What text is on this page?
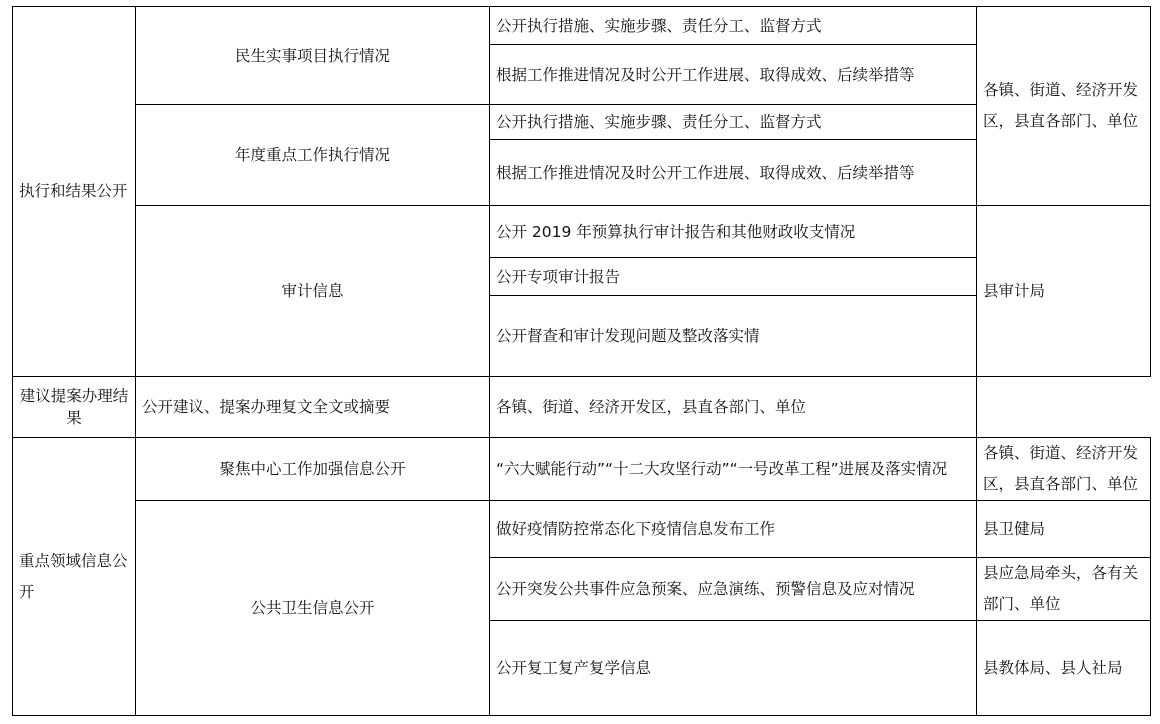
执行和结果公开	民生实事项目执行情况	公开执行措施、实施步骤、责任分工、监督方式	各镇、街道、经济开发区，县直各部门、单位
		根据工作推进情况及时公开工作进展、取得成效、后续举措等	
	年度重点工作执行情况	公开执行措施、实施步骤、责任分工、监督方式	
		根据工作推进情况及时公开工作进展、取得成效、后续举措等	
	审计信息	公开 2019 年预算执行审计报告和其他财政收支情况	县审计局
		公开专项审计报告	
		公开督查和审计发现问题及整改落实情	
建议提案办理结果	公开建议、提案办理复文全文或摘要	各镇、街道、经济开发区，县直各部门、单位	
重点领域信息公开	聚焦中心工作加强信息公开	“六大赋能行动”“十二大攻坚行动”“一号改革工程”进展及落实情况	各镇、街道、经济开发区，县直各部门、单位
	公共卫生信息公开	做好疫情防控常态化下疫情信息发布工作	县卫健局
		公开突发公共事件应急预案、应急演练、预警信息及应对情况	县应急局牵头，各有关部门、单位
		公开复工复产复学信息	县教体局、县人社局
